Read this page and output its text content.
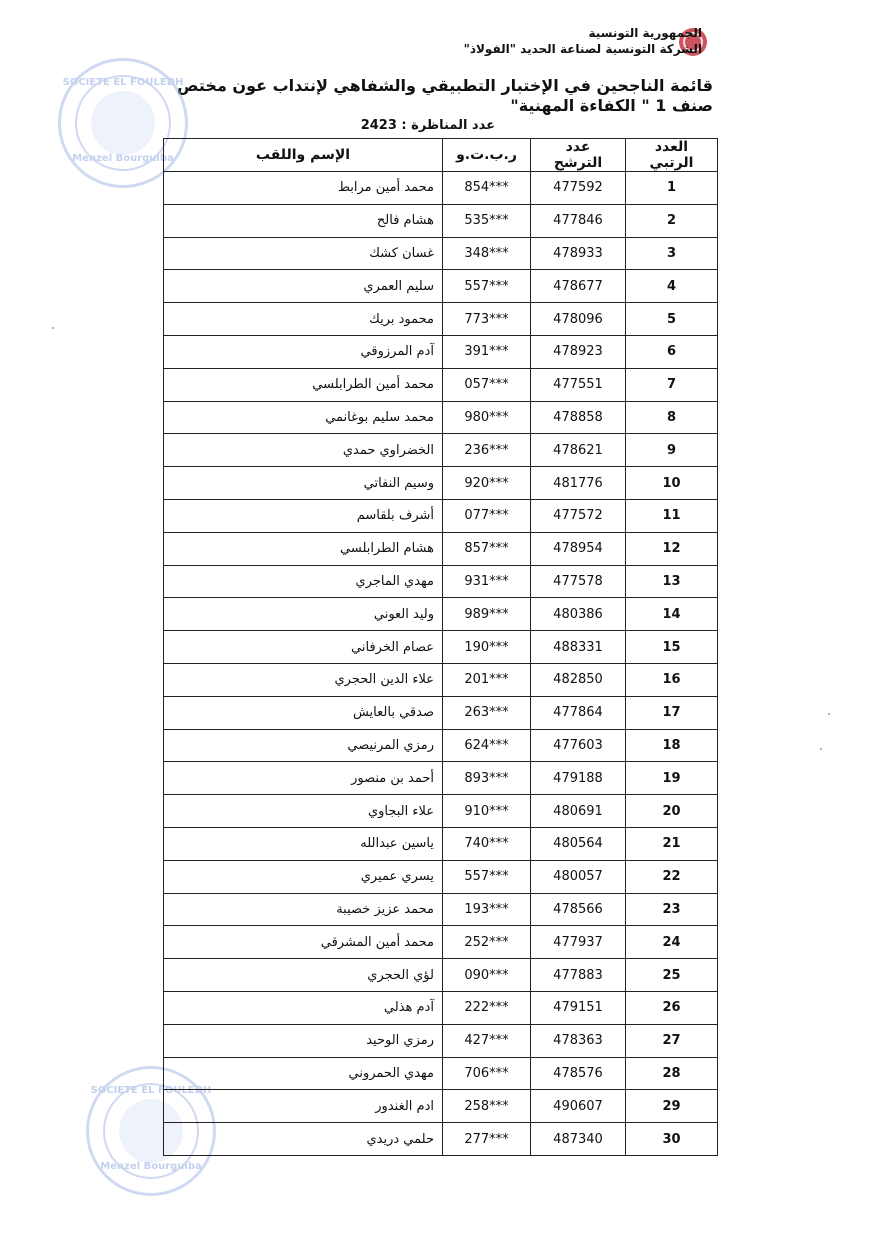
الجمهورية التونسية
الشركة التونسية لصناعة الحديد "الفولاذ"
قائمة الناجحين في الإختبار التطبيقي والشفاهي لإنتداب عون مختص صنف 1 " الكفاءة المهنية"
عدد المناظرة : 2423
SOCIETE EL FOULEDH
Menzel Bourguiba
SOCIETE EL FOULEDH
Menzel Bourguiba
العدد الرتبي	عدد الترشح	ر.ب.ت.و	الإسم واللقب
1	477592	854***	محمد أمين مرابط
2	477846	535***	هشام فالح
3	478933	348***	غسان كشك
4	478677	557***	سليم العمري
5	478096	773***	محمود بريك
6	478923	391***	آدم المرزوقي
7	477551	057***	محمد أمين الطرابلسي
8	478858	980***	محمد سليم بوغانمي
9	478621	236***	الخضراوي حمدي
10	481776	920***	وسيم النفاتي
11	477572	077***	أشرف بلقاسم
12	478954	857***	هشام الطرابلسي
13	477578	931***	مهدي الماجري
14	480386	989***	وليد العوني
15	488331	190***	عصام الخرفاني
16	482850	201***	علاء الدين الحجري
17	477864	263***	صدقي بالعايش
18	477603	624***	رمزي المرنيصي
19	479188	893***	أحمد بن منصور
20	480691	910***	علاء البجاوي
21	480564	740***	ياسين عبدالله
22	480057	557***	يسري عميري
23	478566	193***	محمد عزيز خصيبة
24	477937	252***	محمد أمين المشرقي
25	477883	090***	لؤي الحجري
26	479151	222***	آدم هذلي
27	478363	427***	رمزي الوحيد
28	478576	706***	مهدي الحمروني
29	490607	258***	ادم الغندور
30	487340	277***	حلمي دريدي
